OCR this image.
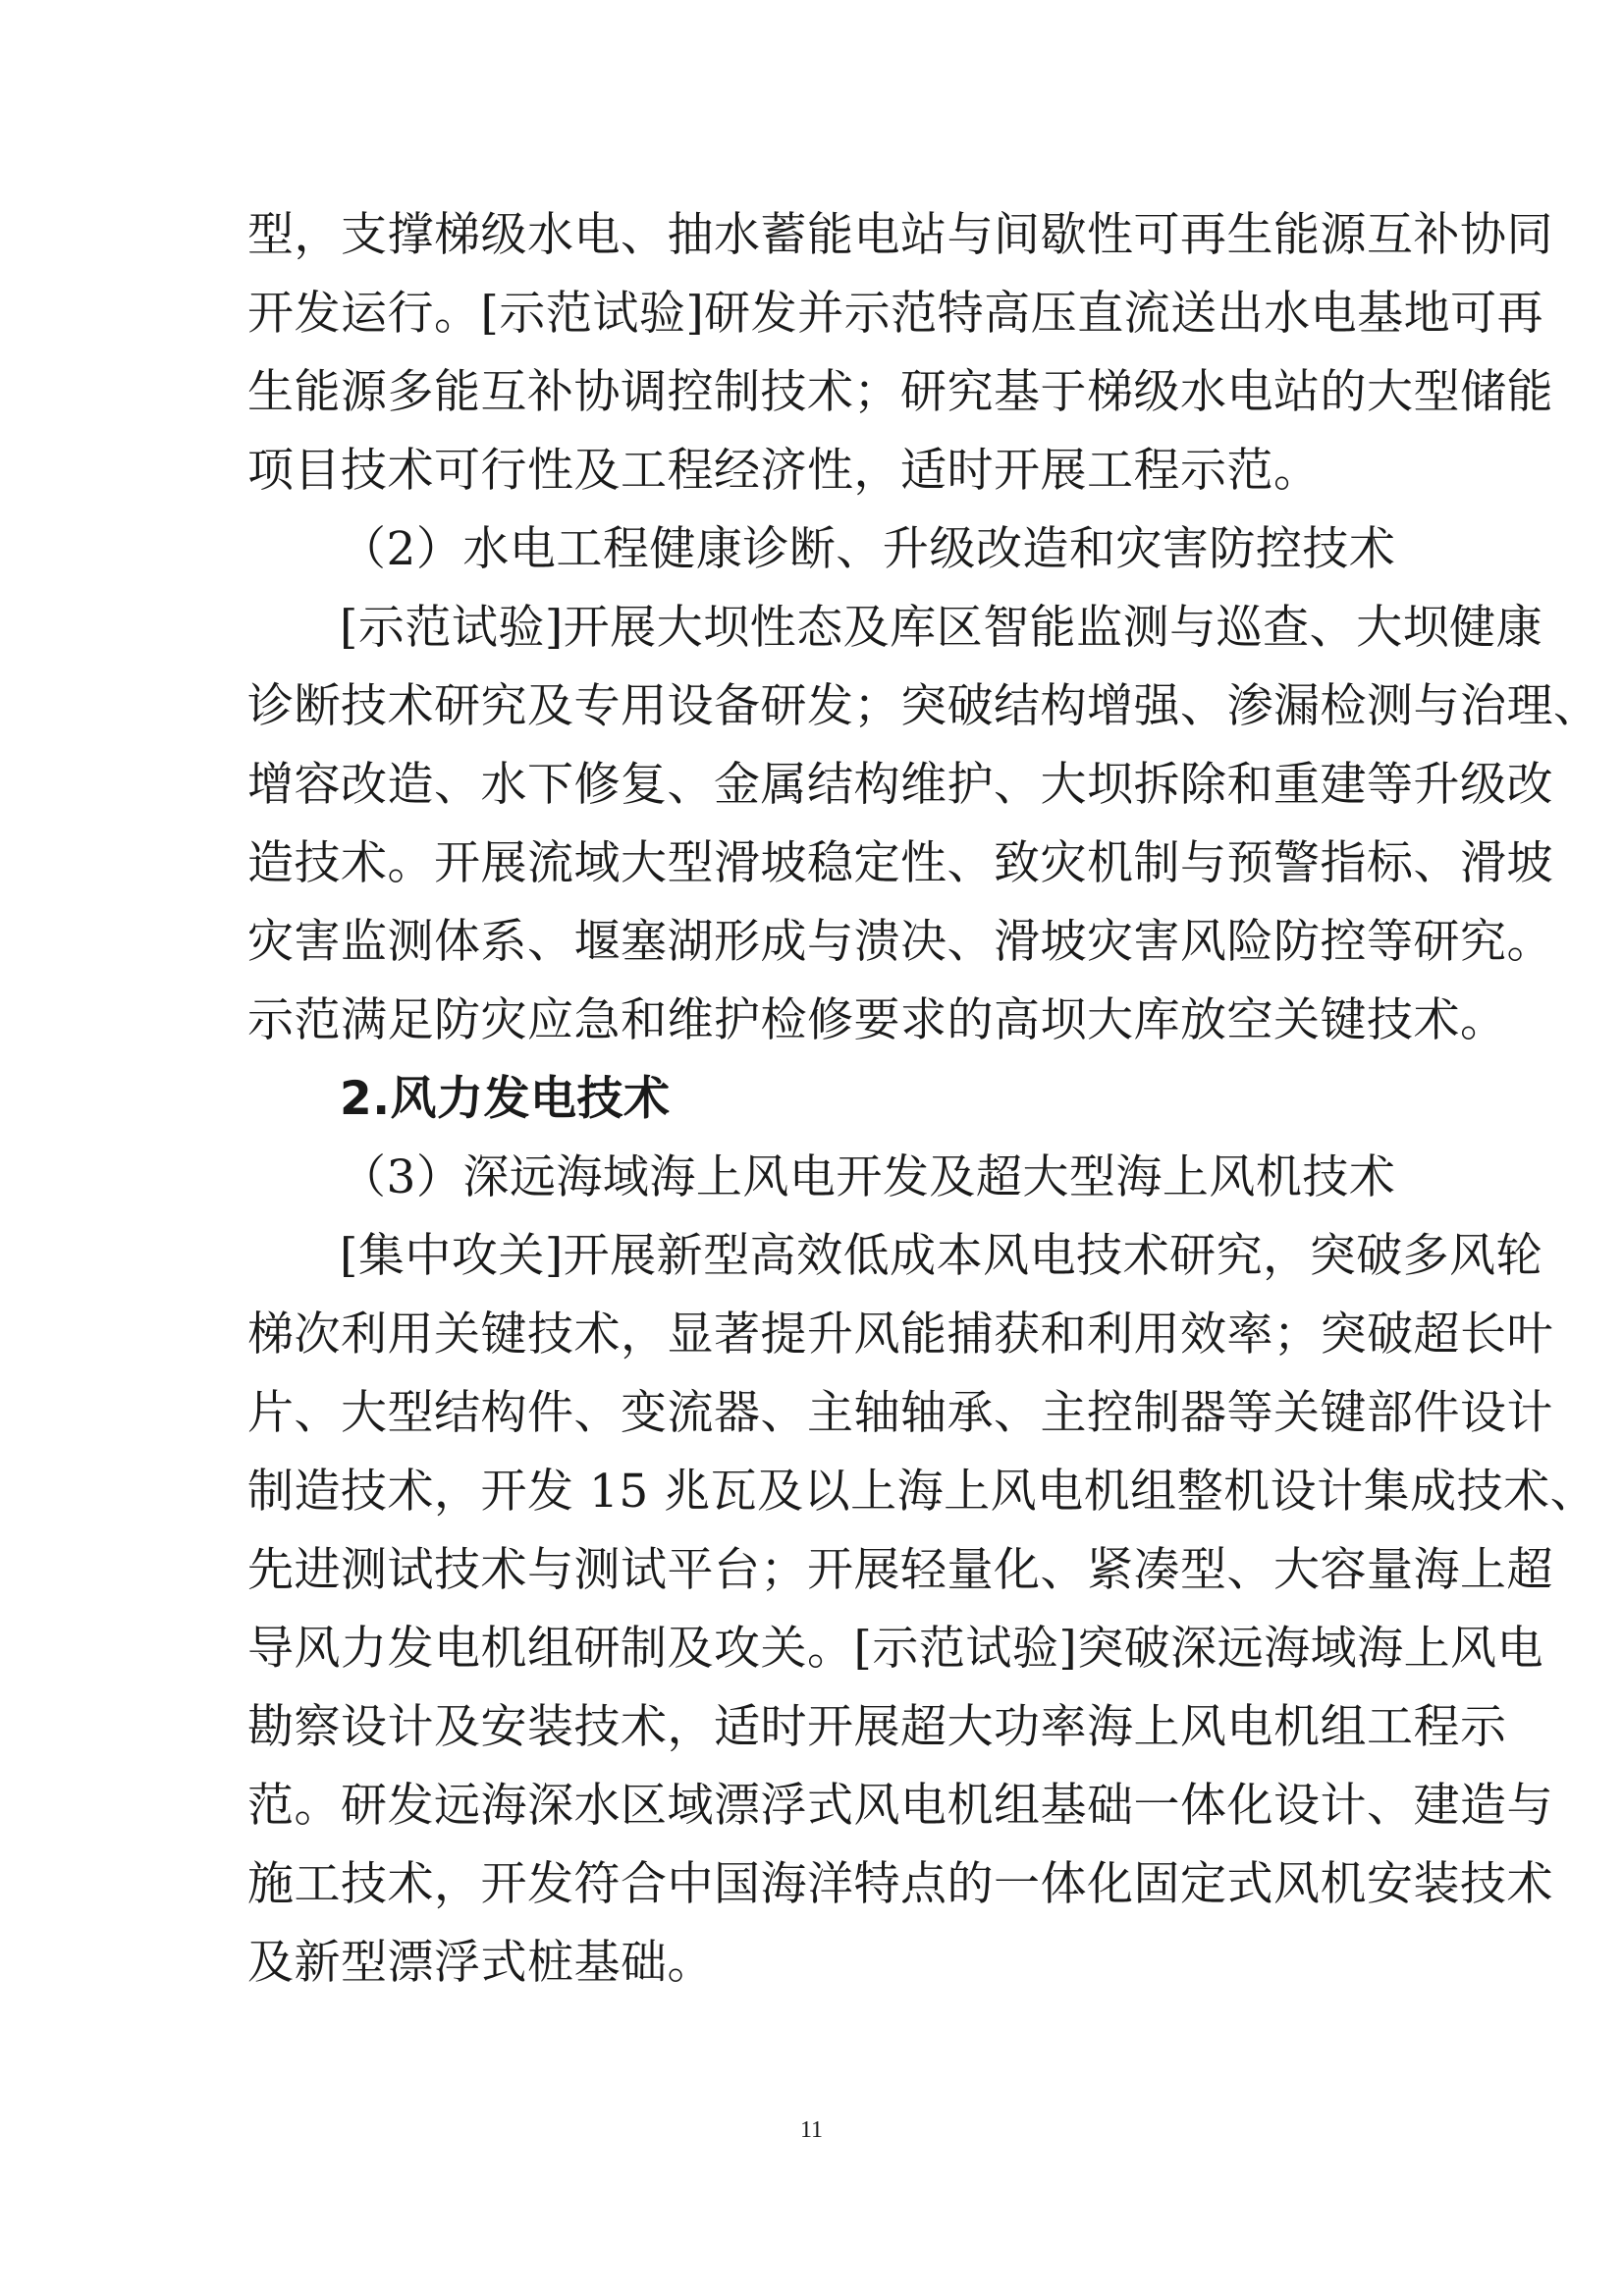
型，支撑梯级水电、抽水蓄能电站与间歇性可再生能源互补协同
开发运行。[示范试验]研发并示范特高压直流送出水电基地可再
生能源多能互补协调控制技术；研究基于梯级水电站的大型储能
项目技术可行性及工程经济性，适时开展工程示范。
（2）水电工程健康诊断、升级改造和灾害防控技术
[示范试验]开展大坝性态及库区智能监测与巡查、大坝健康
诊断技术研究及专用设备研发；突破结构增强、渗漏检测与治理、
增容改造、水下修复、金属结构维护、大坝拆除和重建等升级改
造技术。开展流域大型滑坡稳定性、致灾机制与预警指标、滑坡
灾害监测体系、堰塞湖形成与溃决、滑坡灾害风险防控等研究。
示范满足防灾应急和维护检修要求的高坝大库放空关键技术。
2.风力发电技术
（3）深远海域海上风电开发及超大型海上风机技术
[集中攻关]开展新型高效低成本风电技术研究，突破多风轮
梯次利用关键技术，显著提升风能捕获和利用效率；突破超长叶
片、大型结构件、变流器、主轴轴承、主控制器等关键部件设计
制造技术，开发 15 兆瓦及以上海上风电机组整机设计集成技术、
先进测试技术与测试平台；开展轻量化、紧凑型、大容量海上超
导风力发电机组研制及攻关。[示范试验]突破深远海域海上风电
勘察设计及安装技术，适时开展超大功率海上风电机组工程示
范。研发远海深水区域漂浮式风电机组基础一体化设计、建造与
施工技术，开发符合中国海洋特点的一体化固定式风机安装技术
及新型漂浮式桩基础。
11
